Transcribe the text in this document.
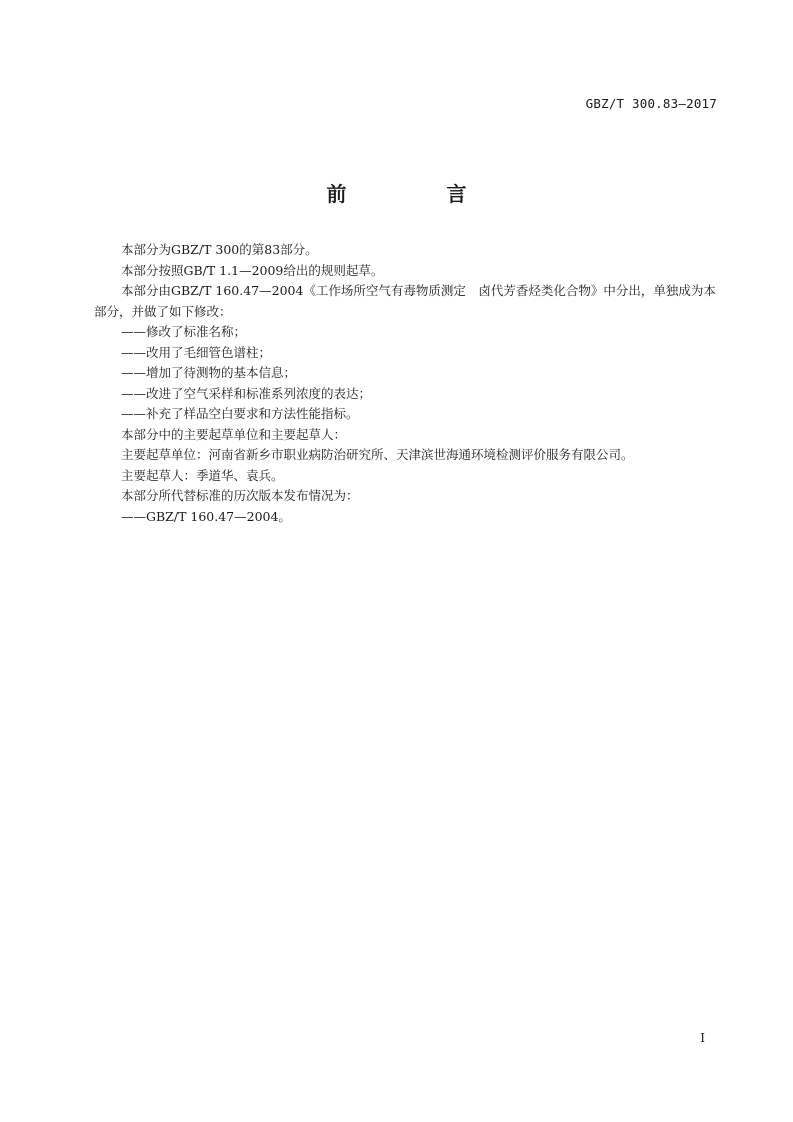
GBZ/T 300.83—2017
前　言

本部分为GBZ/T 300的第83部分。

本部分按照GB/T 1.1—2009给出的规则起草。

本部分由GBZ/T 160.47—2004《工作场所空气有毒物质测定　卤代芳香烃类化合物》中分出，单独成为本部分，并做了如下修改：

——修改了标准名称；

——改用了毛细管色谱柱；

——增加了待测物的基本信息；

——改进了空气采样和标准系列浓度的表达；

——补充了样品空白要求和方法性能指标。

本部分中的主要起草单位和主要起草人：

主要起草单位：河南省新乡市职业病防治研究所、天津滨世海通环境检测评价服务有限公司。

主要起草人：季道华、袁兵。

本部分所代替标准的历次版本发布情况为：

——GBZ/T 160.47—2004。

I
